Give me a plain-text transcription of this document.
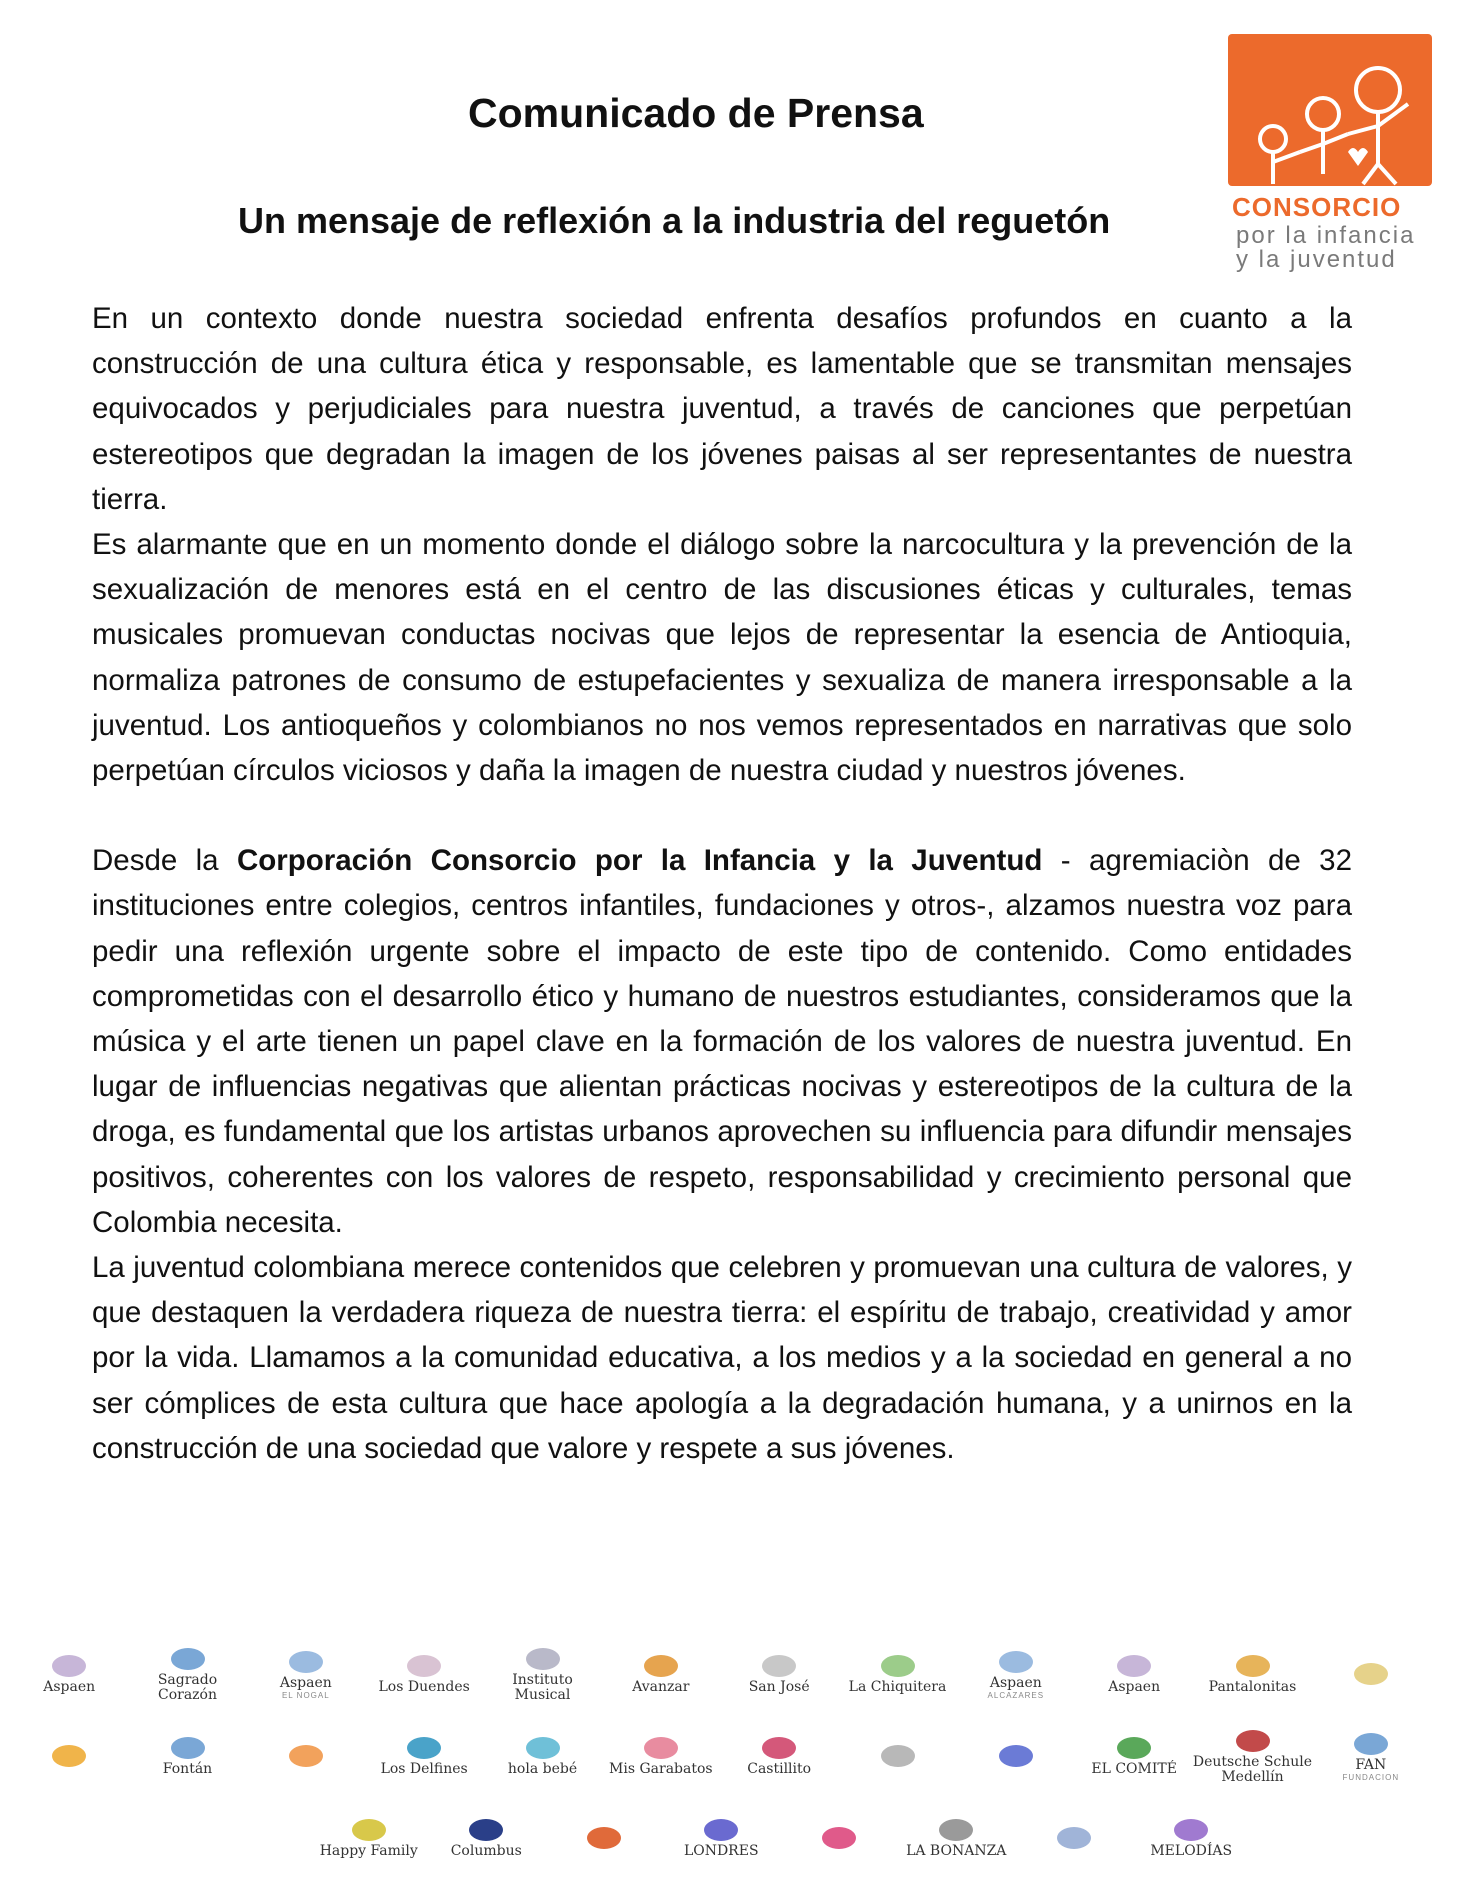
CONSORCIO
por la infancia
y la juventud
Comunicado de Prensa
Un mensaje de reflexión a la industria del reguetón

En un contexto donde nuestra sociedad enfrenta desafíos profundos en cuanto a la construcción de una cultura ética y responsable, es lamentable que se transmitan mensajes equivocados y perjudiciales para nuestra juventud, a través de canciones que perpetúan estereotipos que degradan la imagen de los jóvenes paisas al ser representantes de nuestra tierra.

Es alarmante que en un momento donde el diálogo sobre la narcocultura y la prevención de la sexualización de menores está en el centro de las discusiones éticas y culturales, temas musicales promuevan conductas nocivas que lejos de representar la esencia de Antioquia, normaliza patrones de consumo de estupefacientes y sexualiza de manera irresponsable a la juventud. Los antioqueños y colombianos no nos vemos representados en narrativas que solo perpetúan círculos viciosos y daña la imagen de nuestra ciudad y nuestros jóvenes.

Desde la Corporación Consorcio por la Infancia y la Juventud - agremiaciòn de 32 instituciones entre colegios, centros infantiles, fundaciones y otros-, alzamos nuestra voz para pedir una reflexión urgente sobre el impacto de este tipo de contenido. Como entidades comprometidas con el desarrollo ético y humano de nuestros estudiantes, consideramos que la música y el arte tienen un papel clave en la formación de los valores de nuestra juventud. En lugar de influencias negativas que alientan prácticas nocivas y estereotipos de la cultura de la droga, es fundamental que los artistas urbanos aprovechen su influencia para difundir mensajes positivos, coherentes con los valores de respeto, responsabilidad y crecimiento personal que Colombia necesita.

La juventud colombiana merece contenidos que celebren y promuevan una cultura de valores, y que destaquen la verdadera riqueza de nuestra tierra: el espíritu de trabajo, creatividad y amor por la vida. Llamamos a la comunidad educativa, a los medios y a la sociedad en general a no ser cómplices de esta cultura que hace apología a la degradación humana, y a unirnos en la construcción de una sociedad que valore y respete a sus jóvenes.

Aspaen	Sagrado Corazón
Aspaen
EL NOGAL	Los Duendes	Instituto Musical	Avanzar	San José	La Chiquitera	Aspaen
ALCAZARES	Aspaen	Pantalonitas
Fontán	Los Delfines	hola bebé Mis Garabatos Castillito	EL COMITÉ Deutsche Schule Medellín
FAN
FUNDACION
Happy Family Columbus	LONDRES	LA BONANZA	MELODÍAS
